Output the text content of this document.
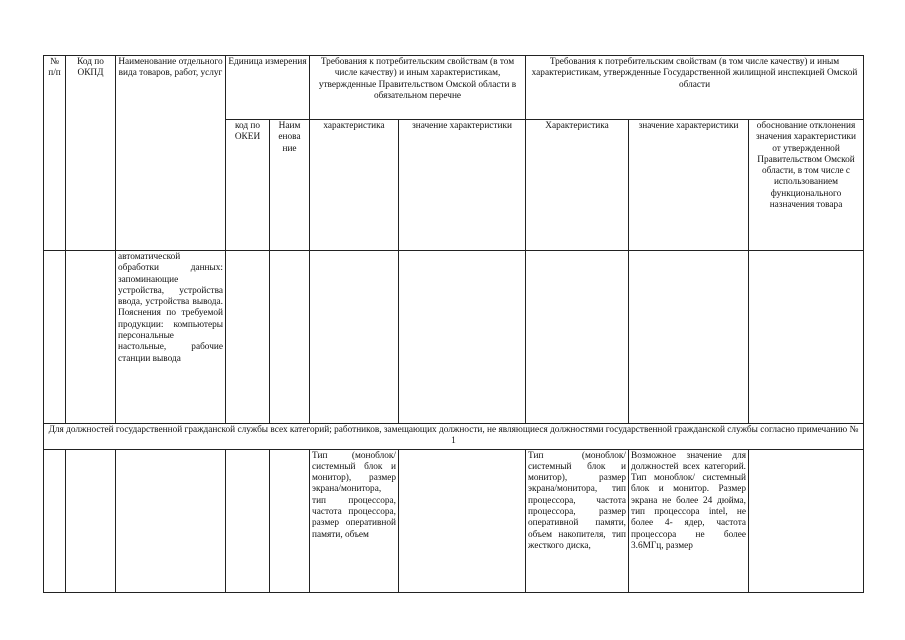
№ п/п	Код по ОКПД	Наименование отдельного вида товаров, работ, услуг	Единица измерения		Требования к потребительским свойствам (в том числе качеству) и иным характеристикам, утвержденные Правительством Омской области в обязательном перечне		Требования к потребительским свойствам (в том числе качеству) и иным характеристикам, утвержденные Государственной жилищной инспекцией Омской области		
			код по ОКЕИ	Наим енова ние	характеристика	значение характеристики	Характеристика	значение характеристики	обоснование отклонения значения характеристики от утвержденной Правительством Омской области, в том числе с использованием функционального назначения товара
		автоматической обработки данных: запоминающие устройства, устройства ввода, устройства вывода. Пояснения по требуемой продукции: компьютеры персональные настольные, рабочие станции вывода							
Для должностей государственной гражданской службы всех категорий; работников, замещающих должности, не являющиеся должностями государственной гражданской службы согласно примечанию № 1									
					Тип (моноблок/системный блок и монитор), размер экрана/монитора, тип процессора, частота процессора, размер оперативной памяти, объем		Тип (моноблок/системный блок и монитор), размер экрана/монитора, тип процессора, частота процессора, размер оперативной памяти, объем накопителя, тип жесткого диска,	Возможное значение для должностей всех категорий. Тип моноблок/ системный блок и монитор. Размер экрана не более 24 дюйма, тип процессора intel, не более 4- ядер, частота процессора не более 3.6МГц, размер	
